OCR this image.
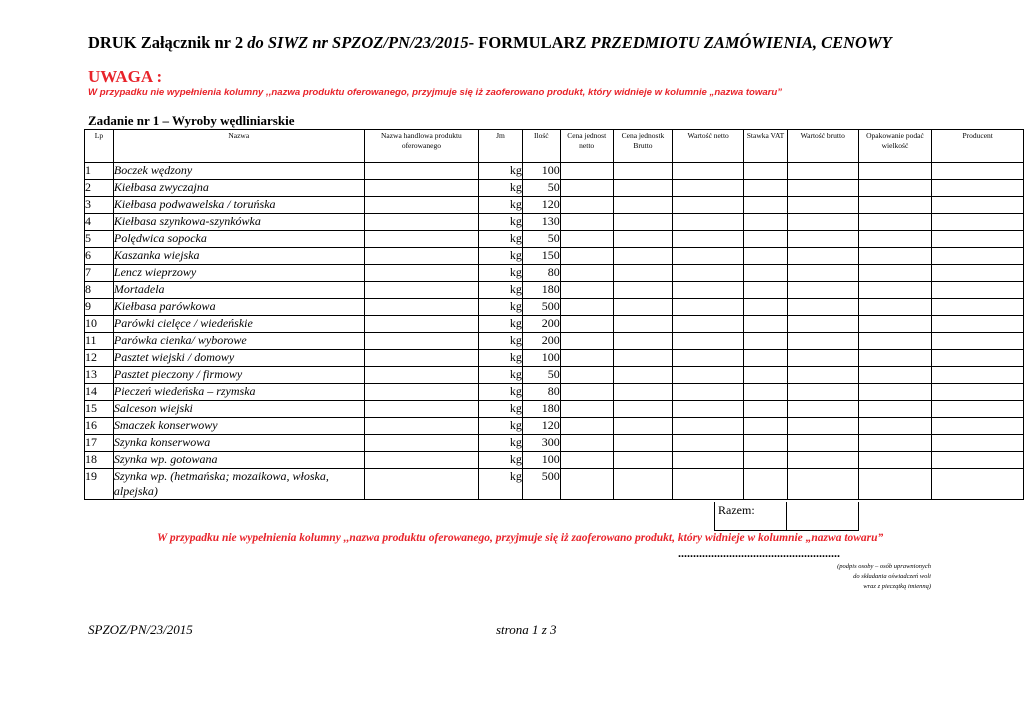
DRUK Załącznik nr 2 do SIWZ nr SPZOZ/PN/23/2015- FORMULARZ PRZEDMIOTU ZAMÓWIENIA, CENOWY
UWAGA :
W przypadku nie wypełnienia kolumny ,,nazwa produktu oferowanego, przyjmuje się iż zaoferowano produkt, który widnieje w kolumnie „nazwa towaru”
Zadanie nr 1 – Wyroby wędliniarskie
Lp	Nazwa	Nazwa handlowa produktu oferowanego	Jm	Ilość	Cena jednost netto	Cena jednostk Brutto	Wartość netto	Stawka VAT	Wartość brutto	Opakowanie podać wielkość	Producent
1	Boczek wędzony		kg	100							
2	Kiełbasa zwyczajna		kg	50							
3	Kiełbasa podwawelska / toruńska		kg	120							
4	Kiełbasa szynkowa-szynkówka		kg	130							
5	Polędwica sopocka		kg	50							
6	Kaszanka wiejska		kg	150							
7	Lencz wieprzowy		kg	80							
8	Mortadela		kg	180							
9	Kiełbasa parówkowa		kg	500							
10	Parówki cielęce / wiedeńskie		kg	200							
11	Parówka cienka/ wyborowe		kg	200							
12	Pasztet wiejski / domowy		kg	100							
13	Pasztet pieczony / firmowy		kg	50							
14	Pieczeń wiedeńska – rzymska		kg	80							
15	Salceson wiejski		kg	180							
16	Smaczek konserwowy		kg	120							
17	Szynka konserwowa		kg	300							
18	Szynka wp. gotowana		kg	100							
19	Szynka wp. (hetmańska; mozaikowa, włoska, alpejska)		kg	500							
Razem:
W przypadku nie wypełnienia kolumny ,,nazwa produktu oferowanego, przyjmuje się iż zaoferowano produkt, który widnieje w kolumnie „nazwa towaru”
......................................................
(podpis osoby – osób uprawnionych
do składania oświadczeń woli
wraz z pieczątką imienną)
SPZOZ/PN/23/2015	strona 1 z 3
